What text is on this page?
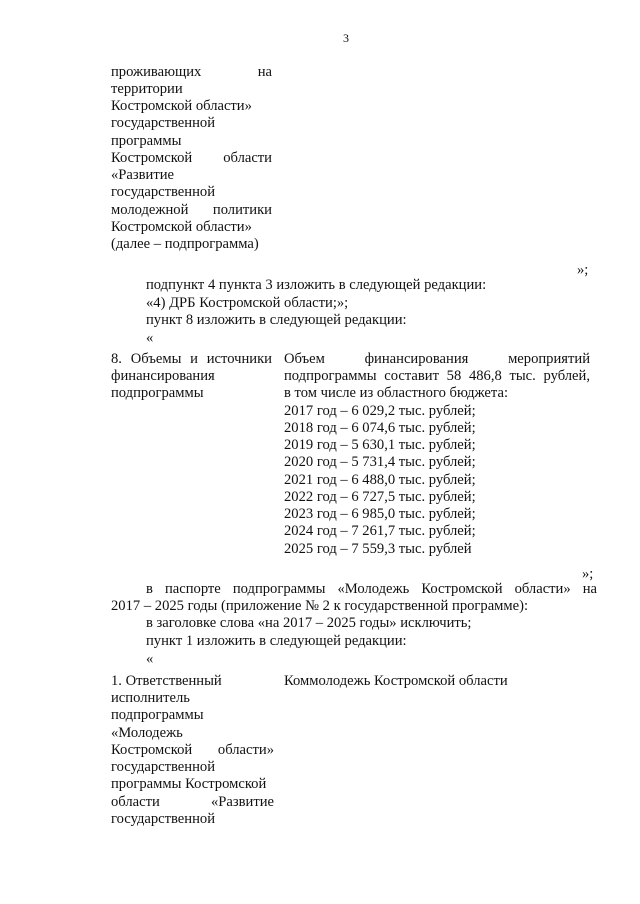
3
проживающих на
территории
Костромской области»
государственной
программы
Костромской области
«Развитие
государственной
молодежной политики
Костромской области»
(далее – подпрограмма)
»;
подпункт 4 пункта 3 изложить в следующей редакции:
«4) ДРБ Костромской области;»;
пункт 8 изложить в следующей редакции:
«
8. Объемы и источники
финансирования
подпрограммы
Объем финансирования мероприятий
подпрограммы составит 58 486,8 тыс. рублей,
в том числе из областного бюджета:
2017 год – 6 029,2 тыс. рублей;
2018 год – 6 074,6 тыс. рублей;
2019 год – 5 630,1 тыс. рублей;
2020 год – 5 731,4 тыс. рублей;
2021 год – 6 488,0 тыс. рублей;
2022 год – 6 727,5 тыс. рублей;
2023 год – 6 985,0 тыс. рублей;
2024 год – 7 261,7 тыс. рублей;
2025 год – 7 559,3 тыс. рублей
»;
в паспорте подпрограммы «Молодежь Костромской области» на
2017 – 2025 годы (приложение № 2 к государственной программе):
в заголовке слова «на 2017 – 2025 годы» исключить;
пункт 1 изложить в следующей редакции:
«
1. Ответственный
исполнитель
подпрограммы
«Молодежь
Костромской области»
государственной
программы Костромской
области «Развитие
государственной
Коммолодежь Костромской области
